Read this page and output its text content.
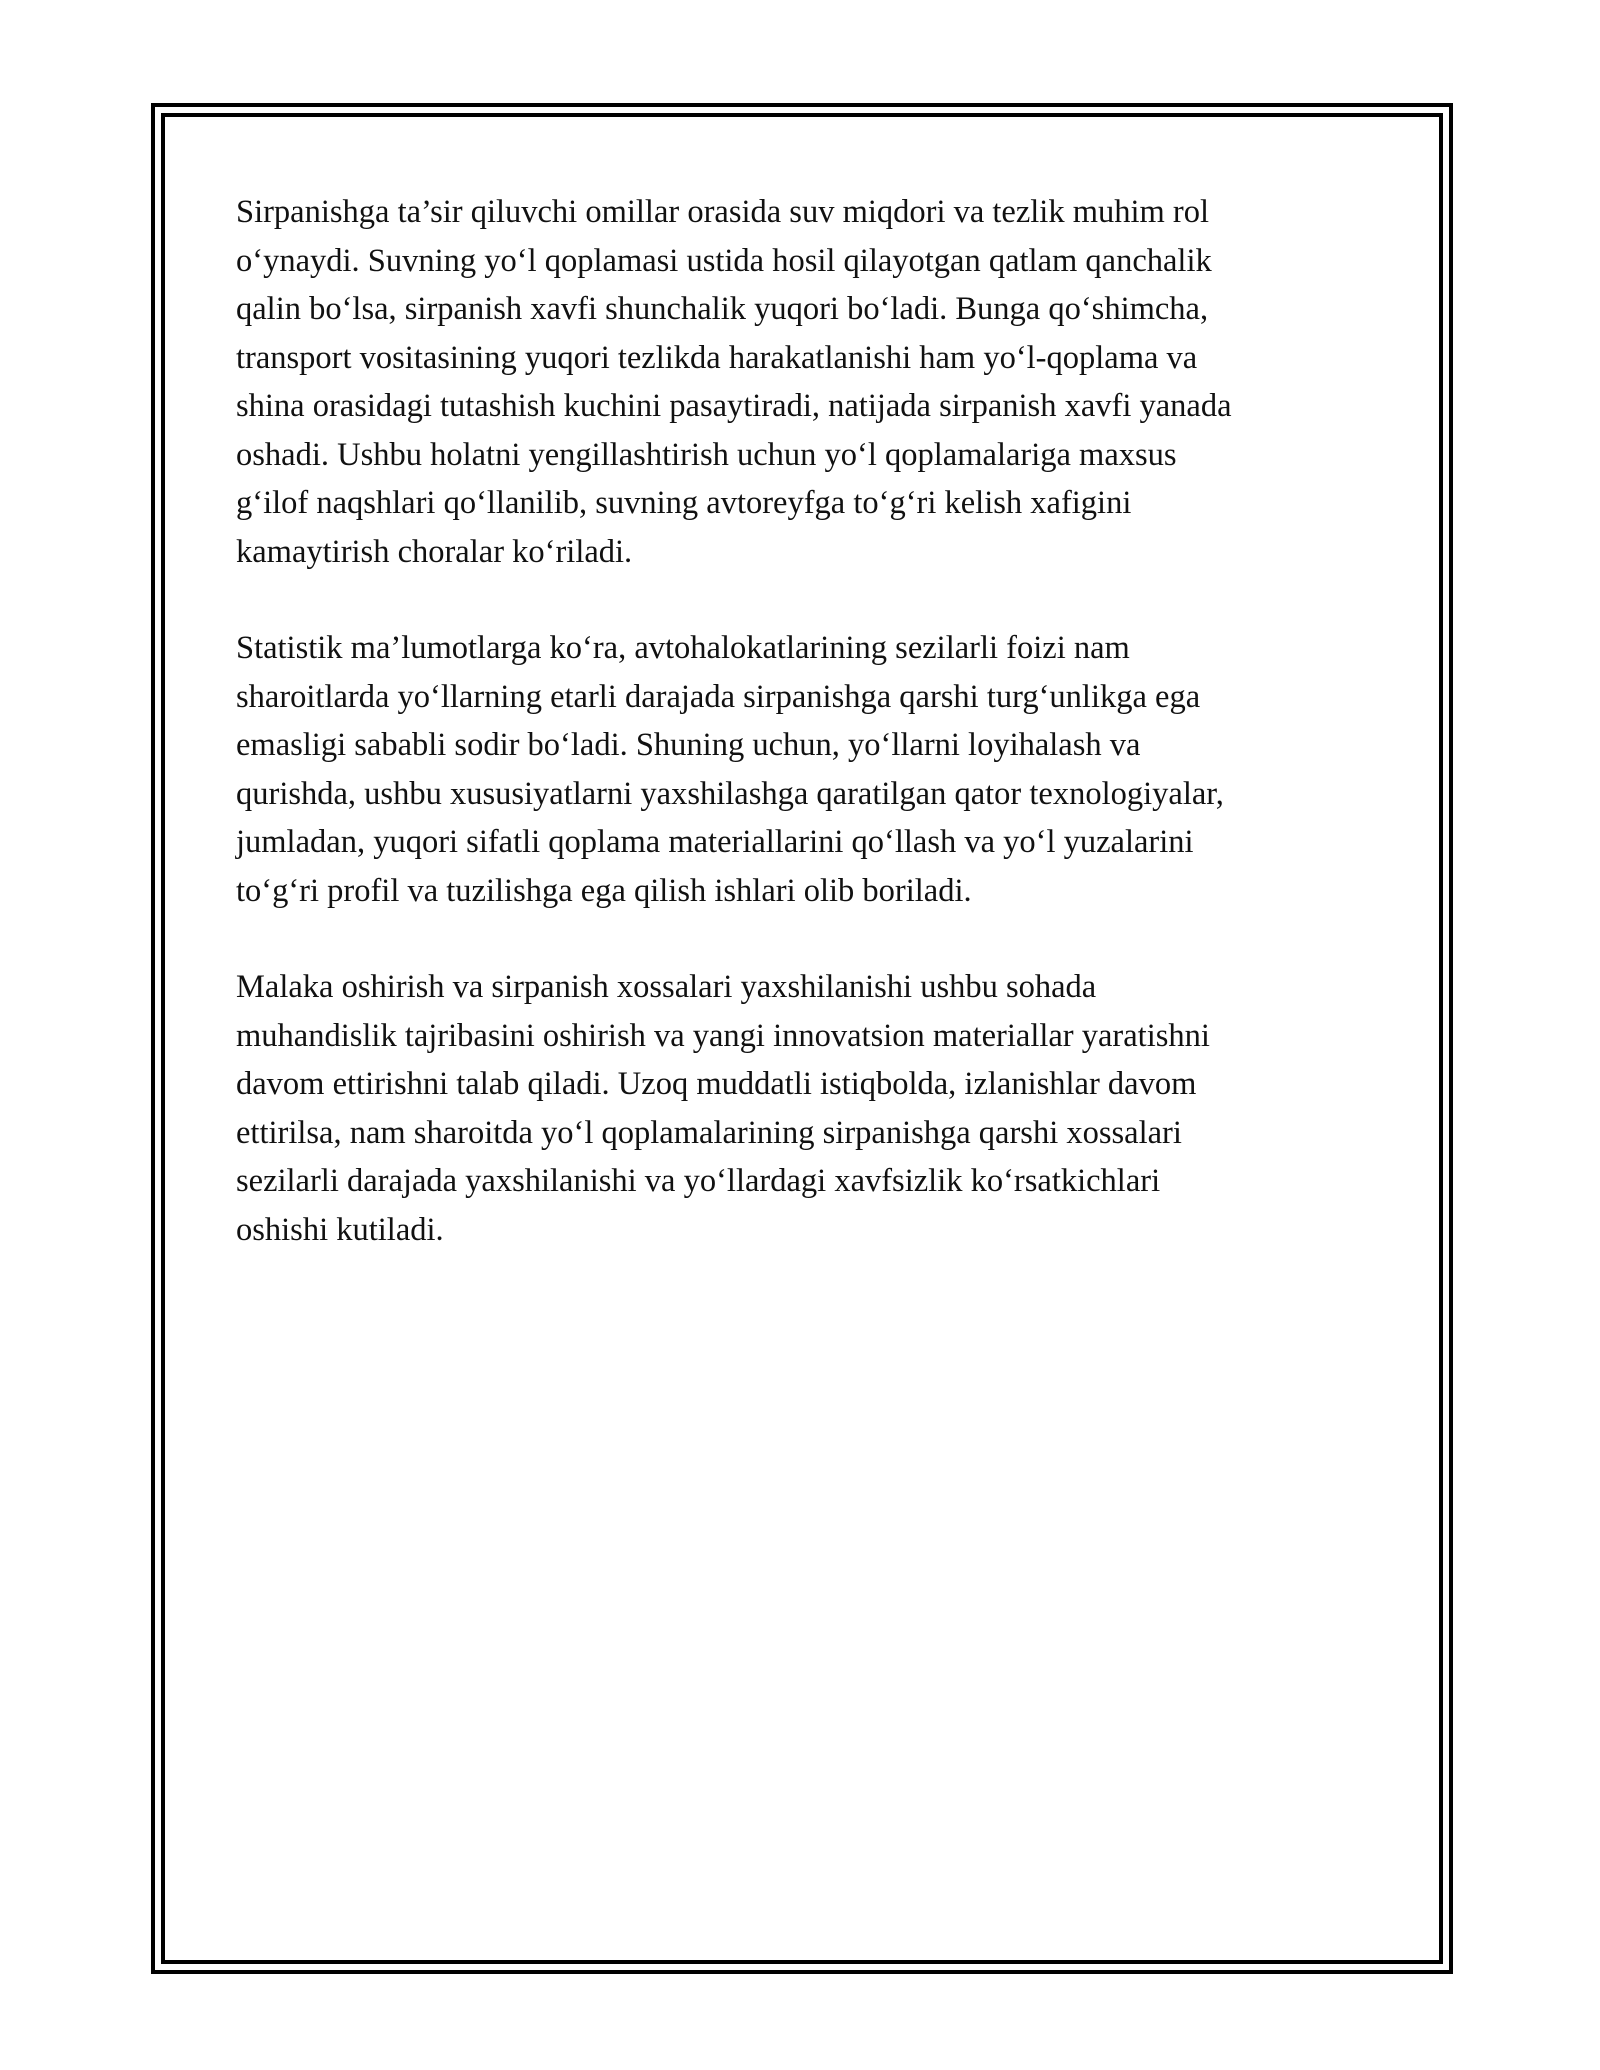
Sirpanishga ta’sir qiluvchi omillar orasida suv miqdori va tezlik muhim rol
o‘ynaydi. Suvning yo‘l qoplamasi ustida hosil qilayotgan qatlam qanchalik
qalin bo‘lsa, sirpanish xavfi shunchalik yuqori bo‘ladi. Bunga qo‘shimcha,
transport vositasining yuqori tezlikda harakatlanishi ham yo‘l-qoplama va
shina orasidagi tutashish kuchini pasaytiradi, natijada sirpanish xavfi yanada
oshadi. Ushbu holatni yengillashtirish uchun yo‘l qoplamalariga maxsus
g‘ilof naqshlari qo‘llanilib, suvning avtoreyfga to‘g‘ri kelish xafigini
kamaytirish choralar ko‘riladi.

Statistik ma’lumotlarga ko‘ra, avtohalokatlarining sezilarli foizi nam
sharoitlarda yo‘llarning etarli darajada sirpanishga qarshi turg‘unlikga ega
emasligi sababli sodir bo‘ladi. Shuning uchun, yo‘llarni loyihalash va
qurishda, ushbu xususiyatlarni yaxshilashga qaratilgan qator texnologiyalar,
jumladan, yuqori sifatli qoplama materiallarini qo‘llash va yo‘l yuzalarini
to‘g‘ri profil va tuzilishga ega qilish ishlari olib boriladi.

Malaka oshirish va sirpanish xossalari yaxshilanishi ushbu sohada
muhandislik tajribasini oshirish va yangi innovatsion materiallar yaratishni
davom ettirishni talab qiladi. Uzoq muddatli istiqbolda, izlanishlar davom
ettirilsa, nam sharoitda yo‘l qoplamalarining sirpanishga qarshi xossalari
sezilarli darajada yaxshilanishi va yo‘llardagi xavfsizlik ko‘rsatkichlari
oshishi kutiladi.
